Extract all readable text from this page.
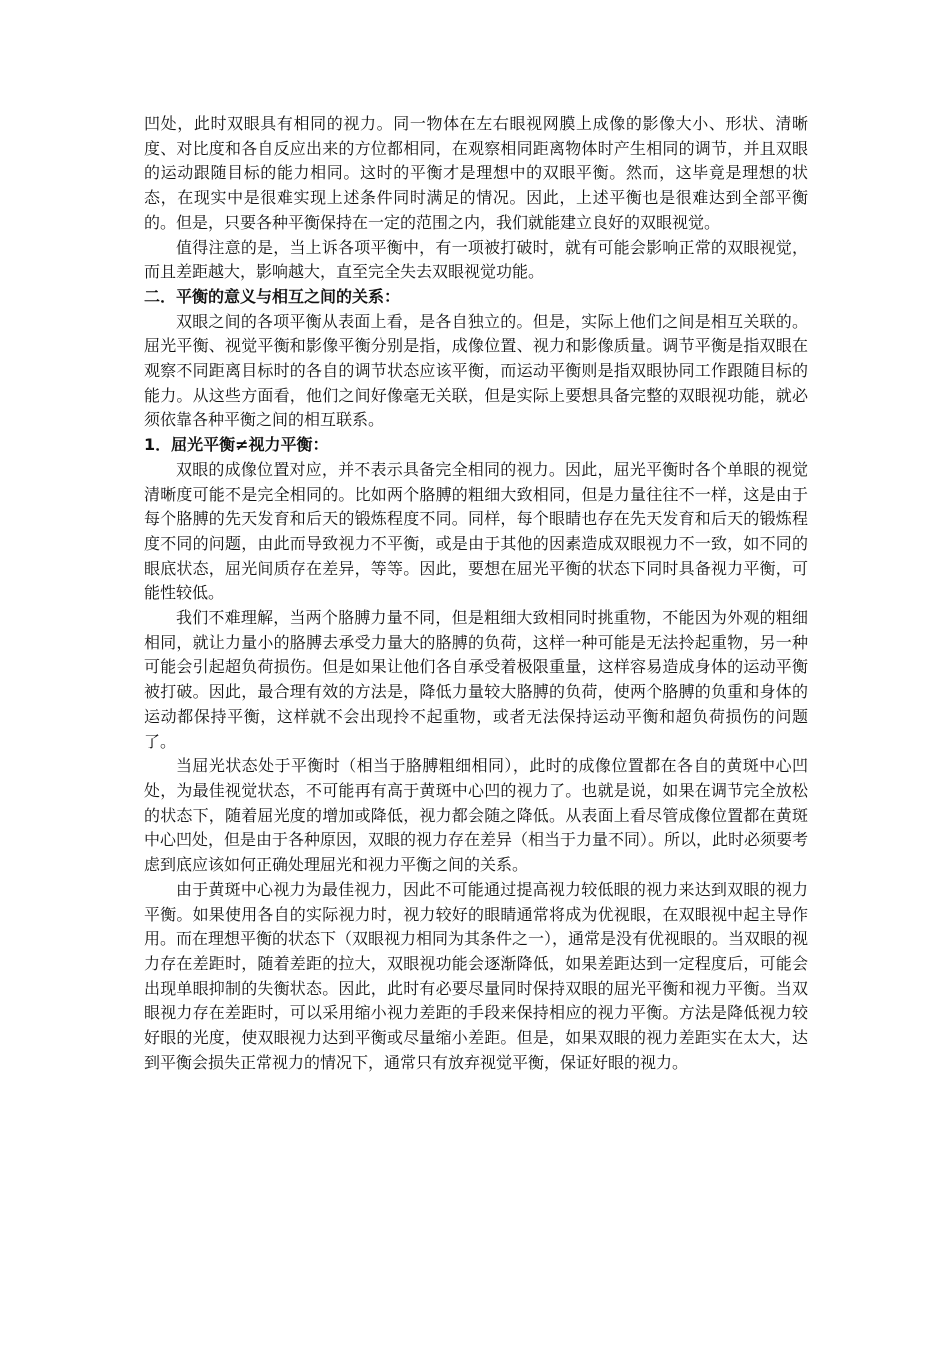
凹处，此时双眼具有相同的视力。同一物体在左右眼视网膜上成像的影像大小、形状、清晰度、对比度和各自反应出来的方位都相同，在观察相同距离物体时产生相同的调节，并且双眼的运动跟随目标的能力相同。这时的平衡才是理想中的双眼平衡。然而，这毕竟是理想的状态，在现实中是很难实现上述条件同时满足的情况。因此，上述平衡也是很难达到全部平衡的。但是，只要各种平衡保持在一定的范围之内，我们就能建立良好的双眼视觉。

值得注意的是，当上诉各项平衡中，有一项被打破时，就有可能会影响正常的双眼视觉，而且差距越大，影响越大，直至完全失去双眼视觉功能。

二．平衡的意义与相互之间的关系：

双眼之间的各项平衡从表面上看，是各自独立的。但是，实际上他们之间是相互关联的。屈光平衡、视觉平衡和影像平衡分别是指，成像位置、视力和影像质量。调节平衡是指双眼在观察不同距离目标时的各自的调节状态应该平衡，而运动平衡则是指双眼协同工作跟随目标的能力。从这些方面看，他们之间好像毫无关联，但是实际上要想具备完整的双眼视功能，就必须依靠各种平衡之间的相互联系。

1．屈光平衡≠视力平衡：

双眼的成像位置对应，并不表示具备完全相同的视力。因此，屈光平衡时各个单眼的视觉清晰度可能不是完全相同的。比如两个胳膊的粗细大致相同，但是力量往往不一样，这是由于每个胳膊的先天发育和后天的锻炼程度不同。同样，每个眼睛也存在先天发育和后天的锻炼程度不同的问题，由此而导致视力不平衡，或是由于其他的因素造成双眼视力不一致，如不同的眼底状态，屈光间质存在差异，等等。因此，要想在屈光平衡的状态下同时具备视力平衡，可能性较低。

我们不难理解，当两个胳膊力量不同，但是粗细大致相同时挑重物，不能因为外观的粗细相同，就让力量小的胳膊去承受力量大的胳膊的负荷，这样一种可能是无法拎起重物，另一种可能会引起超负荷损伤。但是如果让他们各自承受着极限重量，这样容易造成身体的运动平衡被打破。因此，最合理有效的方法是，降低力量较大胳膊的负荷，使两个胳膊的负重和身体的运动都保持平衡，这样就不会出现拎不起重物，或者无法保持运动平衡和超负荷损伤的问题了。

当屈光状态处于平衡时（相当于胳膊粗细相同），此时的成像位置都在各自的黄斑中心凹处，为最佳视觉状态，不可能再有高于黄斑中心凹的视力了。也就是说，如果在调节完全放松的状态下，随着屈光度的增加或降低，视力都会随之降低。从表面上看尽管成像位置都在黄斑中心凹处，但是由于各种原因，双眼的视力存在差异（相当于力量不同）。所以，此时必须要考虑到底应该如何正确处理屈光和视力平衡之间的关系。

由于黄斑中心视力为最佳视力，因此不可能通过提高视力较低眼的视力来达到双眼的视力平衡。如果使用各自的实际视力时，视力较好的眼睛通常将成为优视眼，在双眼视中起主导作用。而在理想平衡的状态下（双眼视力相同为其条件之一），通常是没有优视眼的。当双眼的视力存在差距时，随着差距的拉大，双眼视功能会逐渐降低，如果差距达到一定程度后，可能会出现单眼抑制的失衡状态。因此，此时有必要尽量同时保持双眼的屈光平衡和视力平衡。当双眼视力存在差距时，可以采用缩小视力差距的手段来保持相应的视力平衡。方法是降低视力较好眼的光度，使双眼视力达到平衡或尽量缩小差距。但是，如果双眼的视力差距实在太大，达到平衡会损失正常视力的情况下，通常只有放弃视觉平衡，保证好眼的视力。
